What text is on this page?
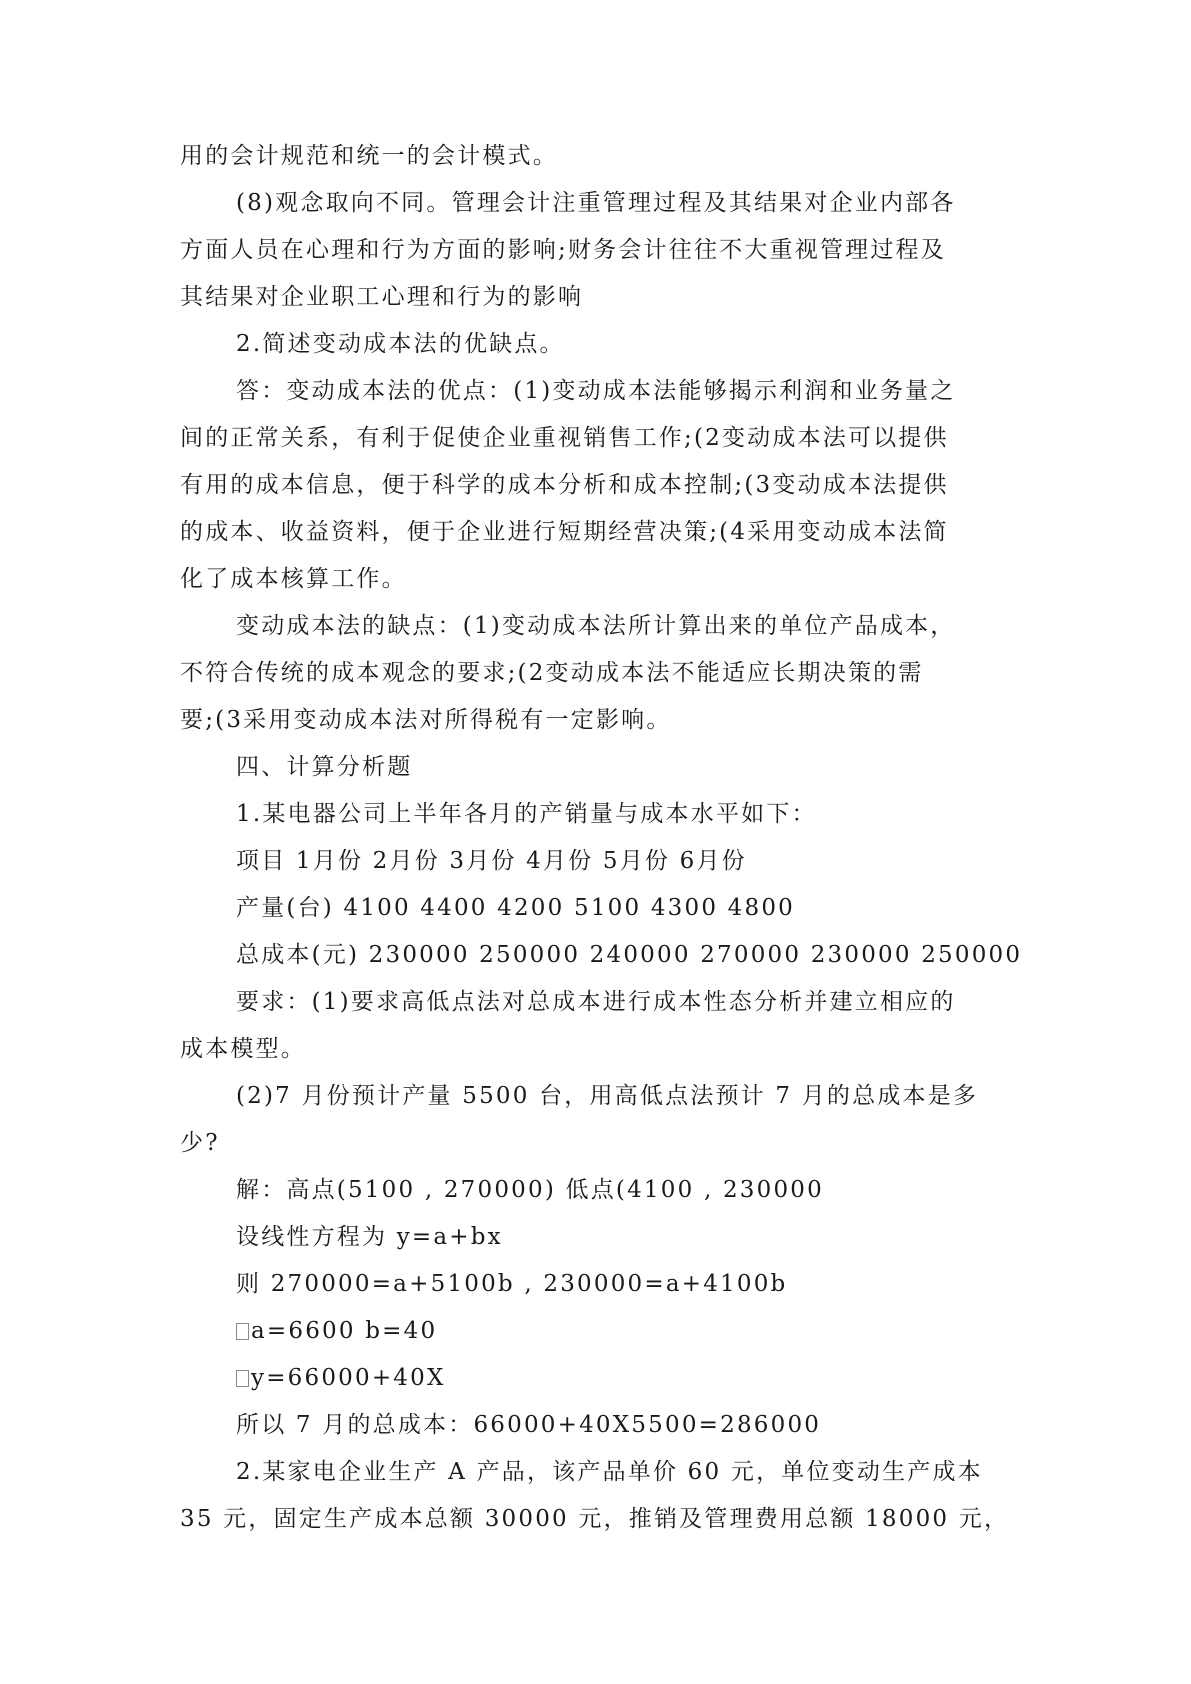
用的会计规范和统一的会计模式。
(8)观念取向不同。管理会计注重管理过程及其结果对企业内部各
方面人员在心理和行为方面的影响;财务会计往往不大重视管理过程及
其结果对企业职工心理和行为的影响
2.简述变动成本法的优缺点。
答：变动成本法的优点：(1)变动成本法能够揭示利润和业务量之
间的正常关系，有利于促使企业重视销售工作;(2变动成本法可以提供
有用的成本信息，便于科学的成本分析和成本控制;(3变动成本法提供
的成本、收益资料，便于企业进行短期经营决策;(4采用变动成本法简
化了成本核算工作。
变动成本法的缺点：(1)变动成本法所计算出来的单位产品成本，
不符合传统的成本观念的要求;(2变动成本法不能适应长期决策的需
要;(3采用变动成本法对所得税有一定影响。
四、计算分析题
1.某电器公司上半年各月的产销量与成本水平如下：
项目 1月份 2月份 3月份 4月份 5月份 6月份
产量(台) 4100 4400 4200 5100 4300 4800
总成本(元) 230000 250000 240000 270000 230000 250000
要求：(1)要求高低点法对总成本进行成本性态分析并建立相应的
成本模型。
(2)7 月份预计产量 5500 台，用高低点法预计 7 月的总成本是多
少?
解：高点(5100 , 270000) 低点(4100 , 230000
设线性方程为 y=a+bx
则 270000=a+5100b , 230000=a+4100b
a=6600 b=40
y=66000+40X
所以 7 月的总成本：66000+40X5500=286000
2.某家电企业生产 A 产品，该产品单价 60 元，单位变动生产成本
35 元，固定生产成本总额 30000 元，推销及管理费用总额 18000 元，
